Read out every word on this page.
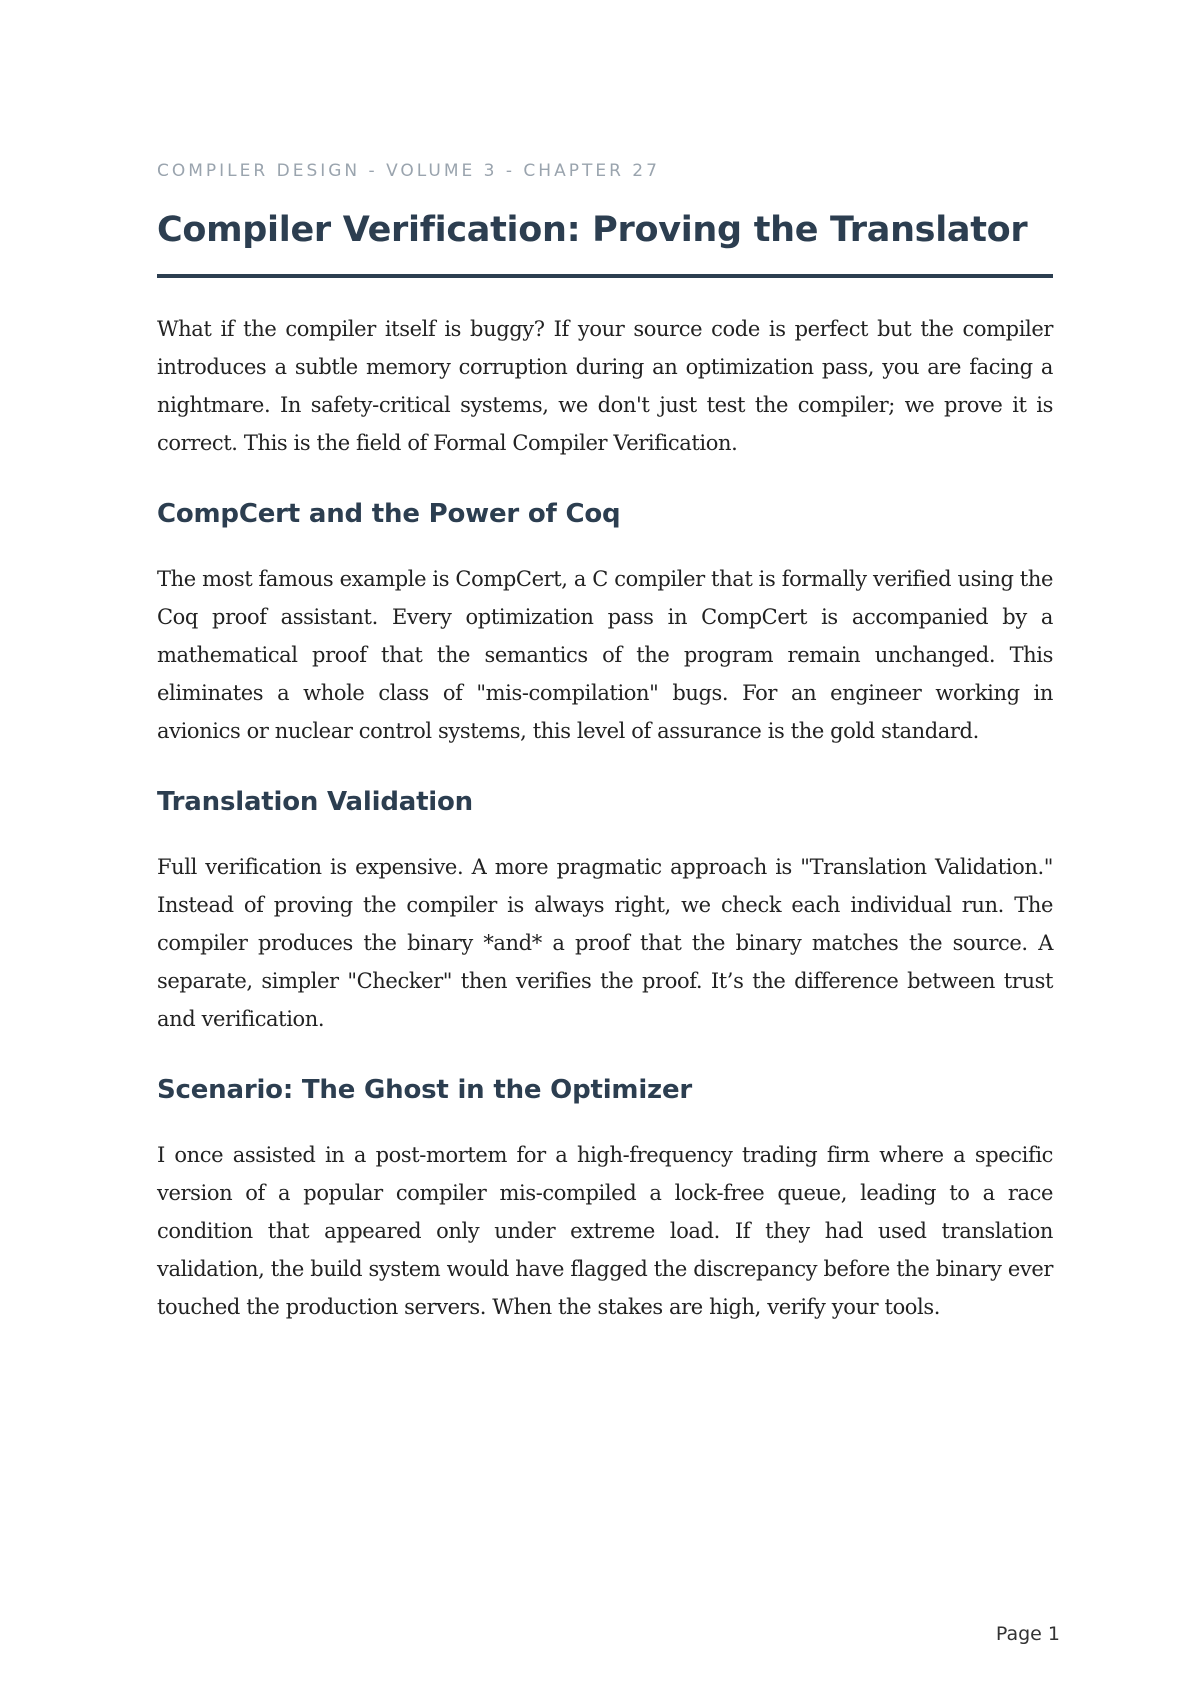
COMPILER DESIGN - VOLUME 3 - CHAPTER 27

Compiler Verification: Proving the Translator

What if the compiler itself is buggy? If your source code is perfect but the compiler introduces a subtle memory corruption during an optimization pass, you are facing a nightmare. In safety-critical systems, we don't just test the compiler; we prove it is correct. This is the field of Formal Compiler Verification.

CompCert and the Power of Coq

The most famous example is CompCert, a C compiler that is formally verified using the Coq proof assistant. Every optimization pass in CompCert is accompanied by a mathematical proof that the semantics of the program remain unchanged. This eliminates a whole class of "mis-compilation" bugs. For an engineer working in avionics or nuclear control systems, this level of assurance is the gold standard.

Translation Validation

Full verification is expensive. A more pragmatic approach is "Translation Validation." Instead of proving the compiler is always right, we check each individual run. The compiler produces the binary *and* a proof that the binary matches the source. A separate, simpler "Checker" then verifies the proof. It’s the difference between trust and verification.

Scenario: The Ghost in the Optimizer

I once assisted in a post-mortem for a high-frequency trading firm where a specific version of a popular compiler mis-compiled a lock-free queue, leading to a race condition that appeared only under extreme load. If they had used translation validation, the build system would have flagged the discrepancy before the binary ever touched the production servers. When the stakes are high, verify your tools.

Page 1
